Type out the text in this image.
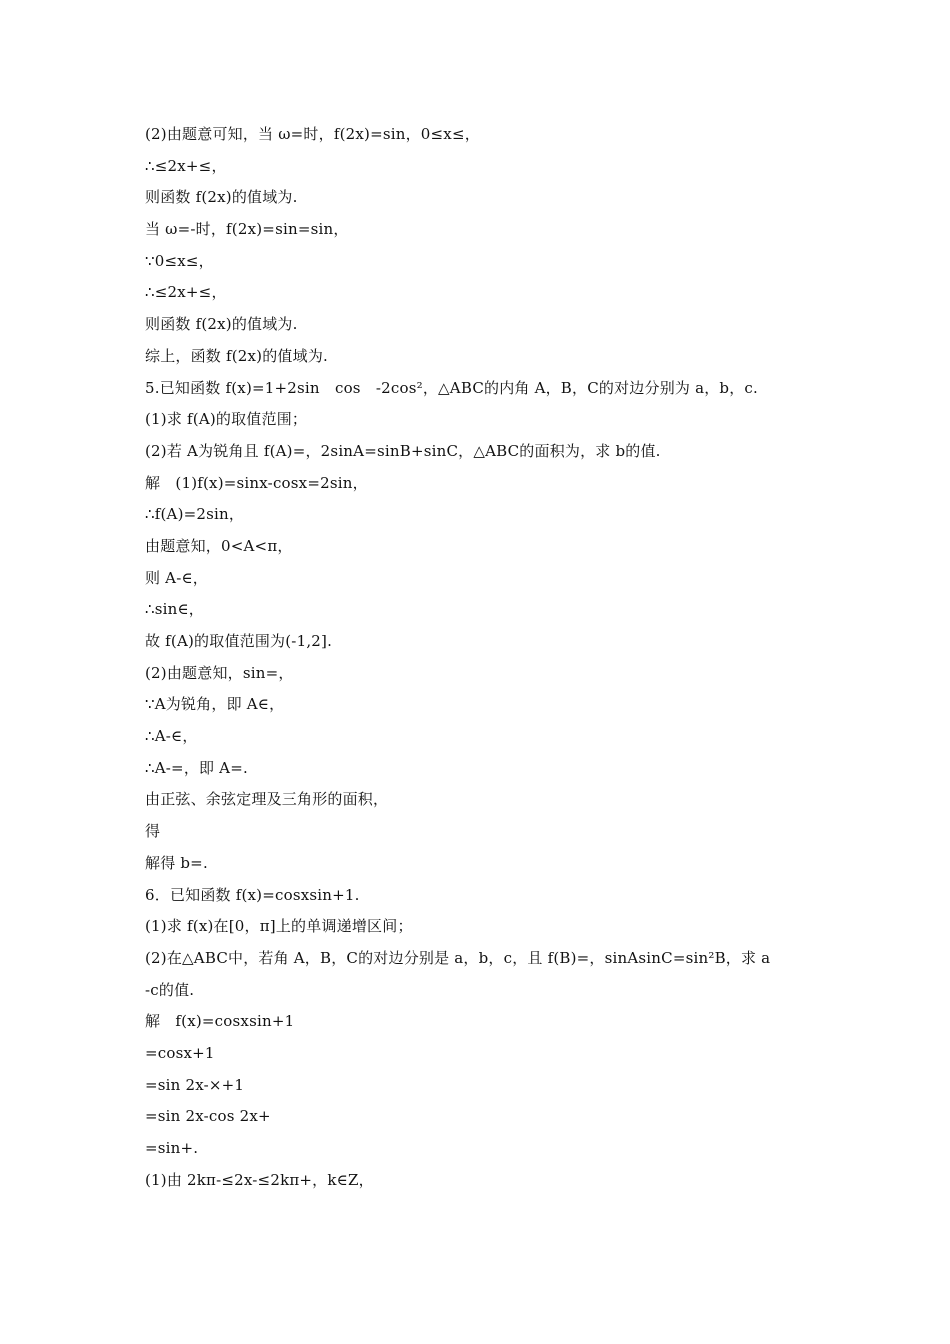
(2)由题意可知，当 ω=时，f(2x)=sin，0≤x≤，
∴≤2x+≤，
则函数 f(2x)的值域为.
当 ω=-时，f(2x)=sin=sin，
∵0≤x≤，
∴≤2x+≤，
则函数 f(2x)的值域为.
综上，函数 f(2x)的值域为.
5.已知函数 f(x)=1+2sin　cos　-2cos²，△ABC的内角 A，B，C的对边分别为 a，b，c.
(1)求 f(A)的取值范围；
(2)若 A为锐角且 f(A)=，2sinA=sinB+sinC，△ABC的面积为，求 b的值.
解　(1)f(x)=sinx-cosx=2sin，
∴f(A)=2sin，
由题意知，0<A<π，
则 A-∈，
∴sin∈，
故 f(A)的取值范围为(-1,2].
(2)由题意知，sin=，
∵A为锐角，即 A∈，
∴A-∈，
∴A-=，即 A=.
由正弦、余弦定理及三角形的面积，
得
解得 b=.
6．已知函数 f(x)=cosxsin+1.
(1)求 f(x)在[0，π]上的单调递增区间；
(2)在△ABC中，若角 A，B，C的对边分别是 a，b，c，且 f(B)=，sinAsinC=sin²B，求 a
-c的值.
解　f(x)=cosxsin+1
=cosx+1
=sin 2x-×+1
=sin 2x-cos 2x+
=sin+.
(1)由 2kπ-≤2x-≤2kπ+，k∈Z，
